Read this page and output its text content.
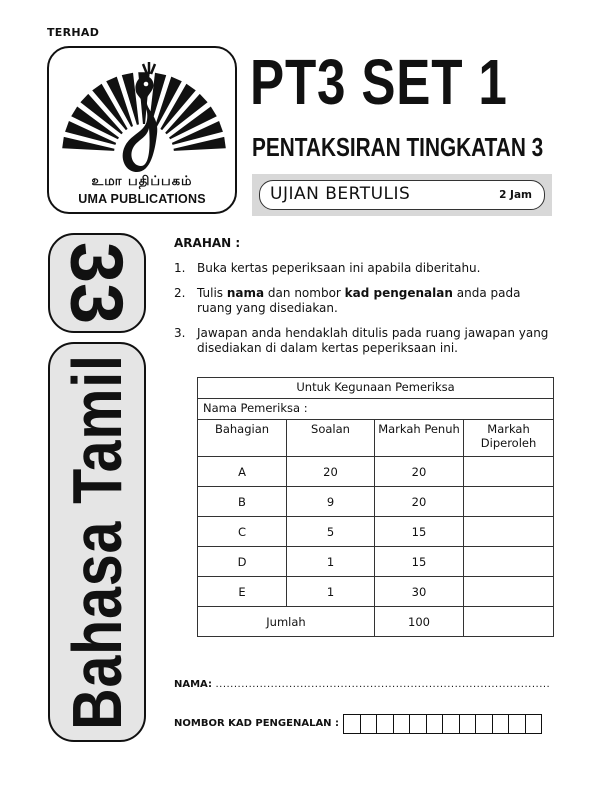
TERHAD
உமா பதிப்பகம்
UMA PUBLICATIONS
PT3 SET 1
PENTAKSIRAN TINGKATAN 3
UJIAN BERTULIS	2 Jam
33
Bahasa Tamil
ARAHAN :
1. Buka kertas peperiksaan ini apabila diberitahu.
2. Tulis nama dan nombor kad pengenalan anda pada ruang yang disediakan.
3. Jawapan anda hendaklah ditulis pada ruang jawapan yang disediakan di dalam kertas peperiksaan ini.
Untuk Kegunaan Pemeriksa			
Nama Pemeriksa :			
Bahagian	Soalan	Markah Penuh	Markah Diperoleh
A	20	20	
B	9	20	
C	5	15	
D	1	15	
E	1	30	
Jumlah		100	
NAMA: ...........................................................................................
NOMBOR KAD PENGENALAN :
